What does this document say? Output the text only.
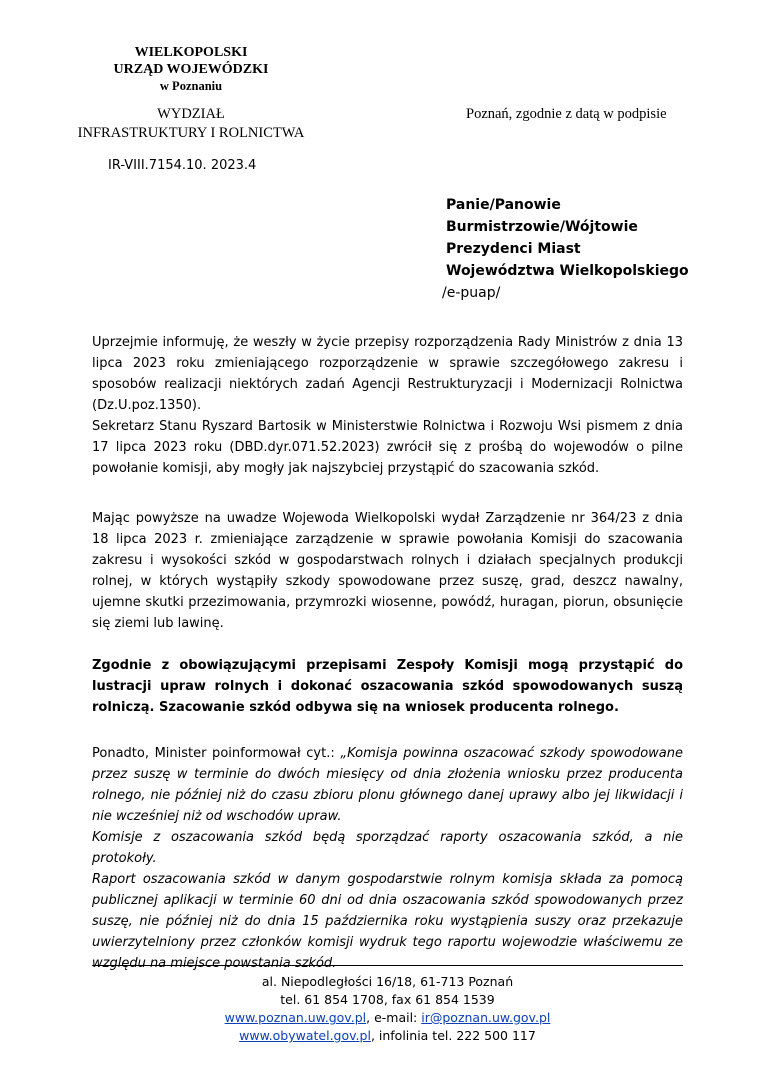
WIELKOPOLSKI
URZĄD WOJEWÓDZKI
w Poznaniu
WYDZIAŁ
INFRASTRUKTURY I ROLNICTWA
IR-VIII.7154.10. 2023.4
Poznań, zgodnie z datą w podpisie
Panie/Panowie
Burmistrzowie/Wójtowie
Prezydenci Miast
Województwa Wielkopolskiego
/e-puap/

Uprzejmie informuję, że weszły w życie przepisy rozporządzenia Rady Ministrów z dnia 13 lipca 2023 roku zmieniającego rozporządzenie w sprawie szczegółowego zakresu i sposobów realizacji niektórych zadań Agencji Restrukturyzacji i Modernizacji Rolnictwa (Dz.U.poz.1350).

Sekretarz Stanu Ryszard Bartosik w Ministerstwie Rolnictwa i Rozwoju Wsi pismem z dnia 17 lipca 2023 roku (DBD.dyr.071.52.2023) zwrócił się z prośbą do wojewodów o pilne powołanie komisji, aby mogły jak najszybciej przystąpić do szacowania szkód.

Mając powyższe na uwadze Wojewoda Wielkopolski wydał Zarządzenie nr 364/23 z dnia 18 lipca 2023 r. zmieniające zarządzenie w sprawie powołania Komisji do szacowania zakresu i wysokości szkód w gospodarstwach rolnych i działach specjalnych produkcji rolnej, w których wystąpiły szkody spowodowane przez suszę, grad, deszcz nawalny, ujemne skutki przezimowania, przymrozki wiosenne, powódź, huragan, piorun, obsunięcie się ziemi lub lawinę.

Zgodnie z obowiązującymi przepisami Zespoły Komisji mogą przystąpić do lustracji upraw rolnych i dokonać oszacowania szkód spowodowanych suszą rolniczą. Szacowanie szkód odbywa się na wniosek producenta rolnego.

Ponadto, Minister poinformował cyt.: „Komisja powinna oszacować szkody spowodowane przez suszę w terminie do dwóch miesięcy od dnia złożenia wniosku przez producenta rolnego, nie później niż do czasu zbioru plonu głównego danej uprawy albo jej likwidacji i nie wcześniej niż od wschodów upraw.

Komisje z oszacowania szkód będą sporządzać raporty oszacowania szkód, a nie protokoły.

Raport oszacowania szkód w danym gospodarstwie rolnym komisja składa za pomocą publicznej aplikacji w terminie 60 dni od dnia oszacowania szkód spowodowanych przez suszę, nie później niż do dnia 15 października roku wystąpienia suszy oraz przekazuje uwierzytelniony przez członków komisji wydruk tego raportu wojewodzie właściwemu ze względu na miejsce powstania szkód.

al. Niepodległości 16/18, 61-713 Poznań
tel. 61 854 1708, fax 61 854 1539
www.poznan.uw.gov.pl, e-mail: ir@poznan.uw.gov.pl
www.obywatel.gov.pl, infolinia tel. 222 500 117
